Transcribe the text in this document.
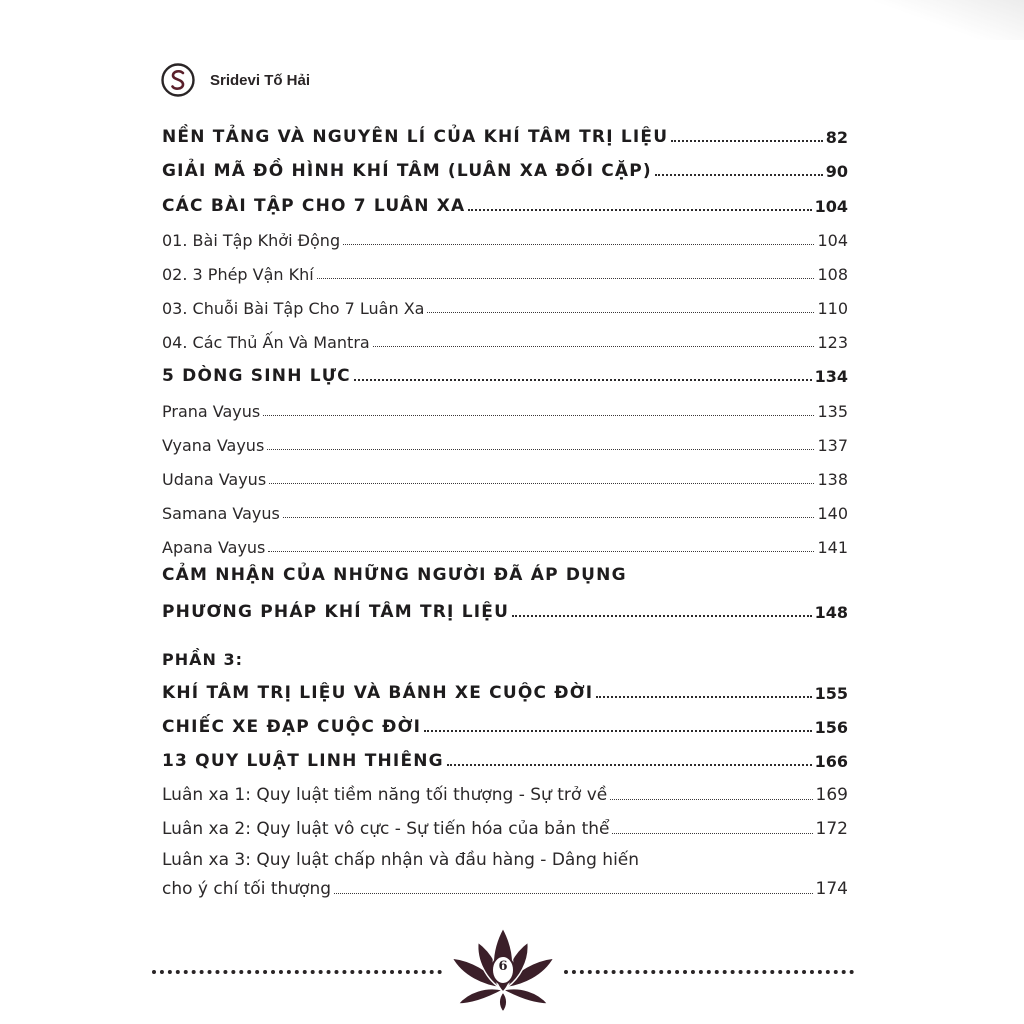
S
Sridevi Tố Hải
NỀN TẢNG VÀ NGUYÊN LÍ CỦA KHÍ TÂM TRỊ LIỆU	82
GIẢI MÃ ĐỒ HÌNH KHÍ TÂM (LUÂN XA ĐỐI CẶP)	90
CÁC BÀI TẬP CHO 7 LUÂN XA	104
01. Bài Tập Khởi Động	104
02. 3 Phép Vận Khí	108
03. Chuỗi Bài Tập Cho 7 Luân Xa	110
04. Các Thủ Ấn Và Mantra	123
5 DÒNG SINH LỰC	134
Prana Vayus	135
Vyana Vayus	137
Udana Vayus	138
Samana Vayus	140
Apana Vayus	141
CẢM NHẬN CỦA NHỮNG NGƯỜI ĐÃ ÁP DỤNG
PHƯƠNG PHÁP KHÍ TÂM TRỊ LIỆU	148
PHẦN 3:
KHÍ TÂM TRỊ LIỆU VÀ BÁNH XE CUỘC ĐỜI	155
CHIẾC XE ĐẠP CUỘC ĐỜI	156
13 QUY LUẬT LINH THIÊNG	166
Luân xa 1: Quy luật tiềm năng tối thượng - Sự trở về	169
Luân xa 2: Quy luật vô cực - Sự tiến hóa của bản thể	172
Luân xa 3: Quy luật chấp nhận và đầu hàng - Dâng hiến
cho ý chí tối thượng	174
6
